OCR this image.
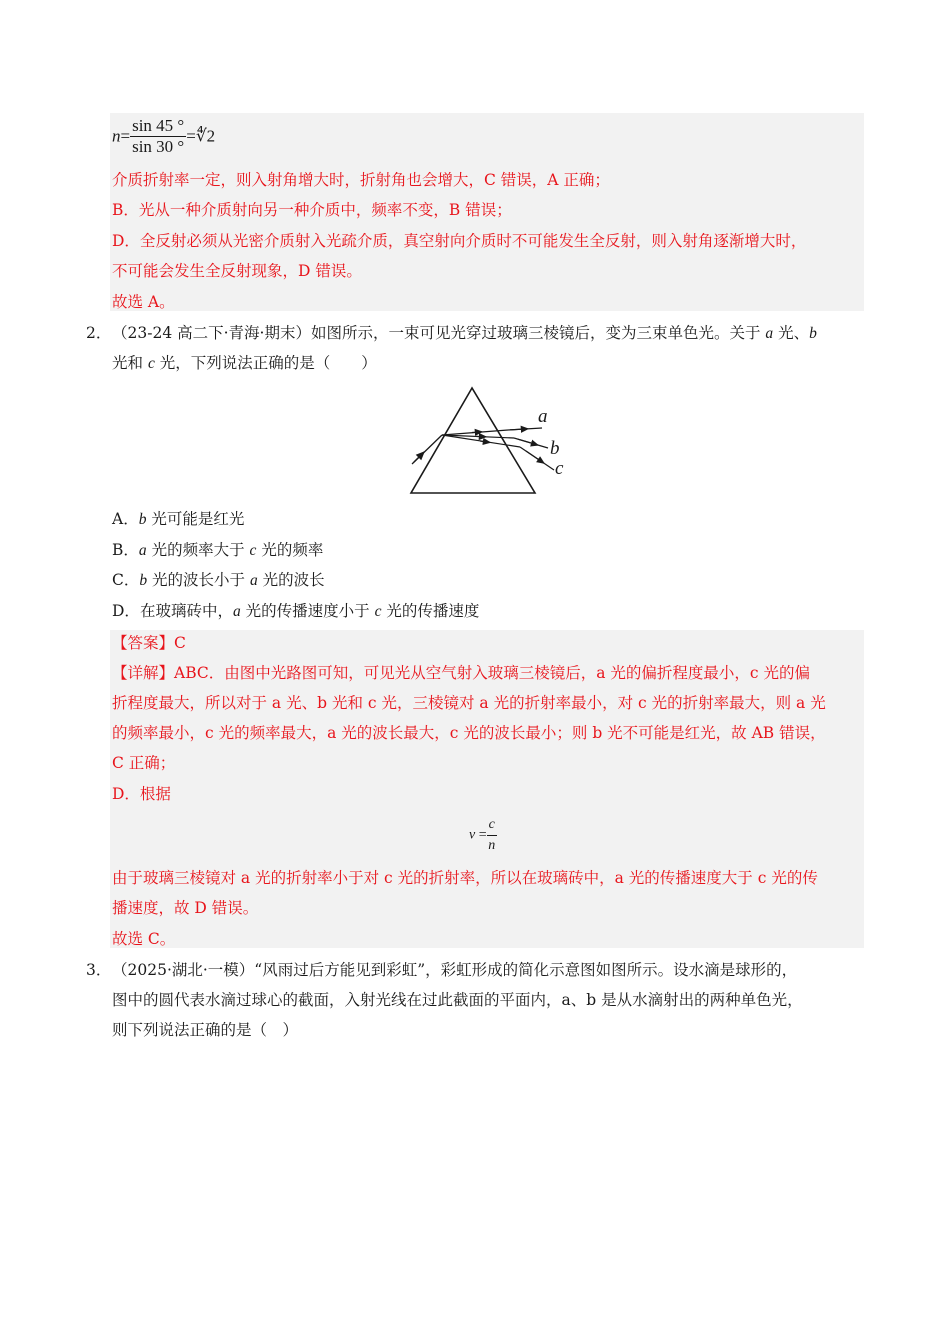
$n= \frac{\sin 45 ^\circ}{\sin 30 ^\circ}$ =∜2
介质折射率一定，则入射角增大时，折射角也会增大，C 错误，A 正确；
B．光从一种介质射向另一种介质中，频率不变，B 错误；
D．全反射必须从光密介质射入光疏介质，真空射向介质时不可能发生全反射，则入射角逐渐增大时，
不可能会发生全反射现象，D 错误。
故选 A。
2． （23-24 高二下·青海·期末）如图所示，一束可见光穿过玻璃三棱镜后，变为三束单色光。关于 a 光、b
光和 c 光，下列说法正确的是（　　）
a
b
c
A．b 光可能是红光
B．a 光的频率大于 c 光的频率
C．b 光的波长小于 a 光的波长
D．在玻璃砖中，a 光的传播速度小于 c 光的传播速度
【答案】C
【详解】ABC．由图中光路图可知，可见光从空气射入玻璃三棱镜后，a 光的偏折程度最小，c 光的偏
折程度最大，所以对于 a 光、b 光和 c 光，三棱镜对 a 光的折射率最小，对 c 光的折射率最大，则 a 光
的频率最小，c 光的频率最大，a 光的波长最大，c 光的波长最小；则 b 光不可能是红光，故 AB 错误，
C 正确；
D．根据
$v = \frac{c}{n}$
由于玻璃三棱镜对 a 光的折射率小于对 c 光的折射率，所以在玻璃砖中，a 光的传播速度大于 c 光的传
播速度，故 D 错误。
故选 C。
3． （2025·湖北·一模）“风雨过后方能见到彩虹”，彩虹形成的简化示意图如图所示。设水滴是球形的，
图中的圆代表水滴过球心的截面，入射光线在过此截面的平面内，a、b 是从水滴射出的两种单色光，
则下列说法正确的是（　）
